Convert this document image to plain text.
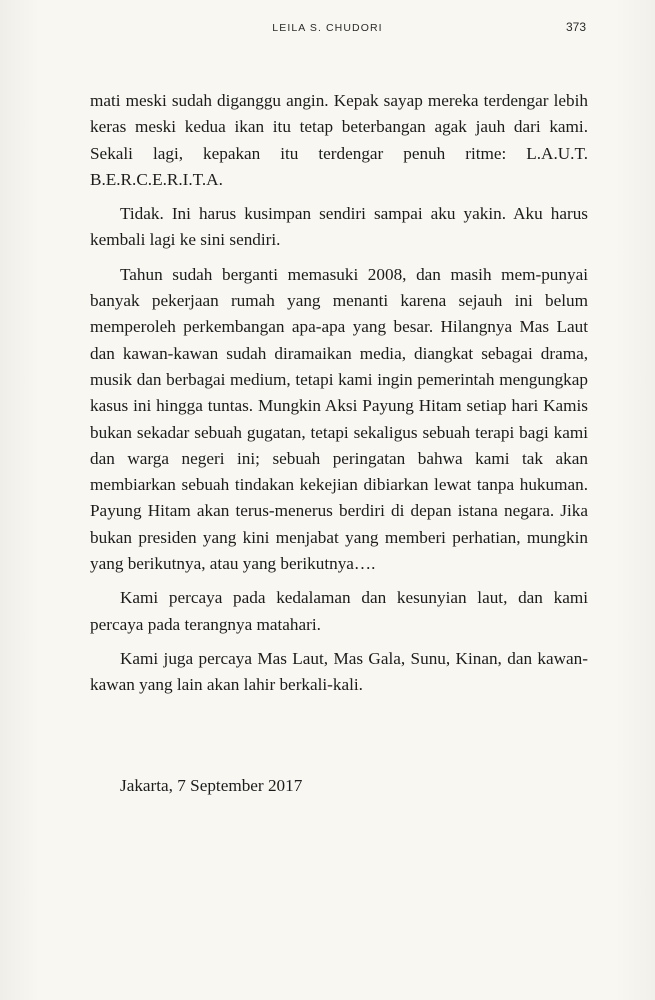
LEILA S. CHUDORI	373

mati meski sudah diganggu angin. Kepak sayap mereka terdengar lebih keras meski kedua ikan itu tetap beterbangan agak jauh dari kami. Sekali lagi, kepakan itu terdengar penuh ritme: L.A.U.T. B.E.R.C.E.R.I.T.A.

Tidak. Ini harus kusimpan sendiri sampai aku yakin. Aku harus kembali lagi ke sini sendiri.

Tahun sudah berganti memasuki 2008, dan masih mem-punyai banyak pekerjaan rumah yang menanti karena sejauh ini belum memperoleh perkembangan apa-apa yang besar. Hilangnya Mas Laut dan kawan-kawan sudah diramaikan media, diangkat sebagai drama, musik dan berbagai medium, tetapi kami ingin pemerintah mengungkap kasus ini hingga tuntas. Mungkin Aksi Payung Hitam setiap hari Kamis bukan sekadar sebuah gugatan, tetapi sekaligus sebuah terapi bagi kami dan warga negeri ini; sebuah peringatan bahwa kami tak akan membiarkan sebuah tindakan kekejian dibiarkan lewat tanpa hukuman. Payung Hitam akan terus-menerus berdiri di depan istana negara. Jika bukan presiden yang kini menjabat yang memberi perhatian, mungkin yang berikutnya, atau yang berikutnya….

Kami percaya pada kedalaman dan kesunyian laut, dan kami percaya pada terangnya matahari.

Kami juga percaya Mas Laut, Mas Gala, Sunu, Kinan, dan kawan-kawan yang lain akan lahir berkali-kali.

Jakarta, 7 September 2017
